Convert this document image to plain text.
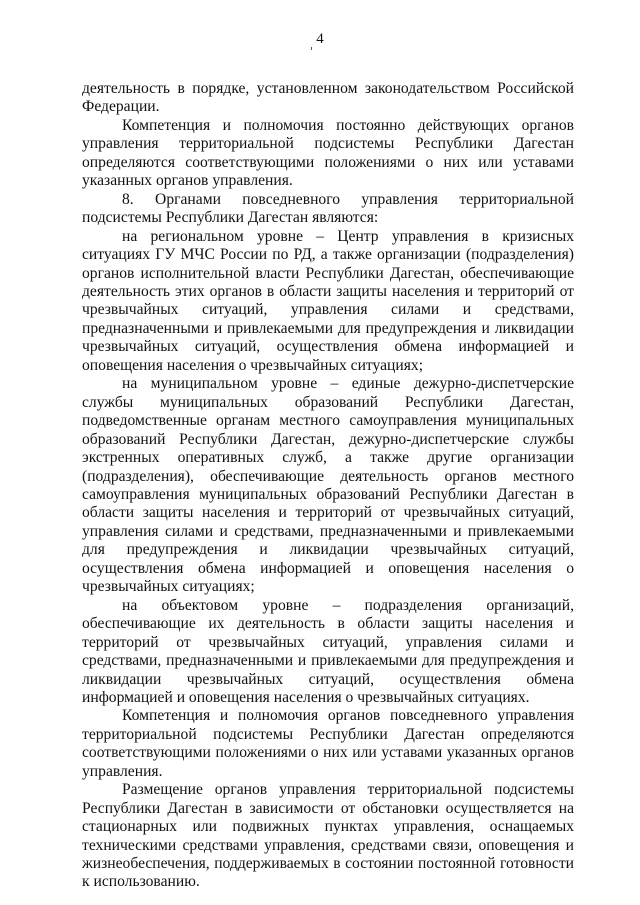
4

деятельность в порядке, установленном законодательством Российской Федерации.

Компетенция и полномочия постоянно действующих органов управления территориальной подсистемы Республики Дагестан определяются соответствующими положениями о них или уставами указанных органов управления.

8. Органами повседневного управления территориальной подсистемы Республики Дагестан являются:

на региональном уровне – Центр управления в кризисных ситуациях ГУ МЧС России по РД, а также организации (подразделения) органов исполнительной власти Республики Дагестан, обеспечивающие деятельность этих органов в области защиты населения и территорий от чрезвычайных ситуаций, управления силами и средствами, предназначенными и привлекаемыми для предупреждения и ликвидации чрезвычайных ситуаций, осуществления обмена информацией и оповещения населения о чрезвычайных ситуациях;

на муниципальном уровне – единые дежурно-диспетчерские службы муниципальных образований Республики Дагестан, подведомственные органам местного самоуправления муниципальных образований Республики Дагестан, дежурно-диспетчерские службы экстренных оперативных служб, а также другие организации (подразделения), обеспечивающие деятельность органов местного самоуправления муниципальных образований Республики Дагестан в области защиты населения и территорий от чрезвычайных ситуаций, управления силами и средствами, предназначенными и привлекаемыми для предупреждения и ликвидации чрезвычайных ситуаций, осуществления обмена информацией и оповещения населения о чрезвычайных ситуациях;

на объектовом уровне – подразделения организаций, обеспечивающие их деятельность в области защиты населения и территорий от чрезвычайных ситуаций, управления силами и средствами, предназначенными и привлекаемыми для предупреждения и ликвидации чрезвычайных ситуаций, осуществления обмена информацией и оповещения населения о чрезвычайных ситуациях.

Компетенция и полномочия органов повседневного управления территориальной подсистемы Республики Дагестан определяются соответствующими положениями о них или уставами указанных органов управления.

Размещение органов управления территориальной подсистемы Республики Дагестан в зависимости от обстановки осуществляется на стационарных или подвижных пунктах управления, оснащаемых техническими средствами управления, средствами связи, оповещения и жизнеобеспечения, поддерживаемых в состоянии постоянной готовности к использованию.
